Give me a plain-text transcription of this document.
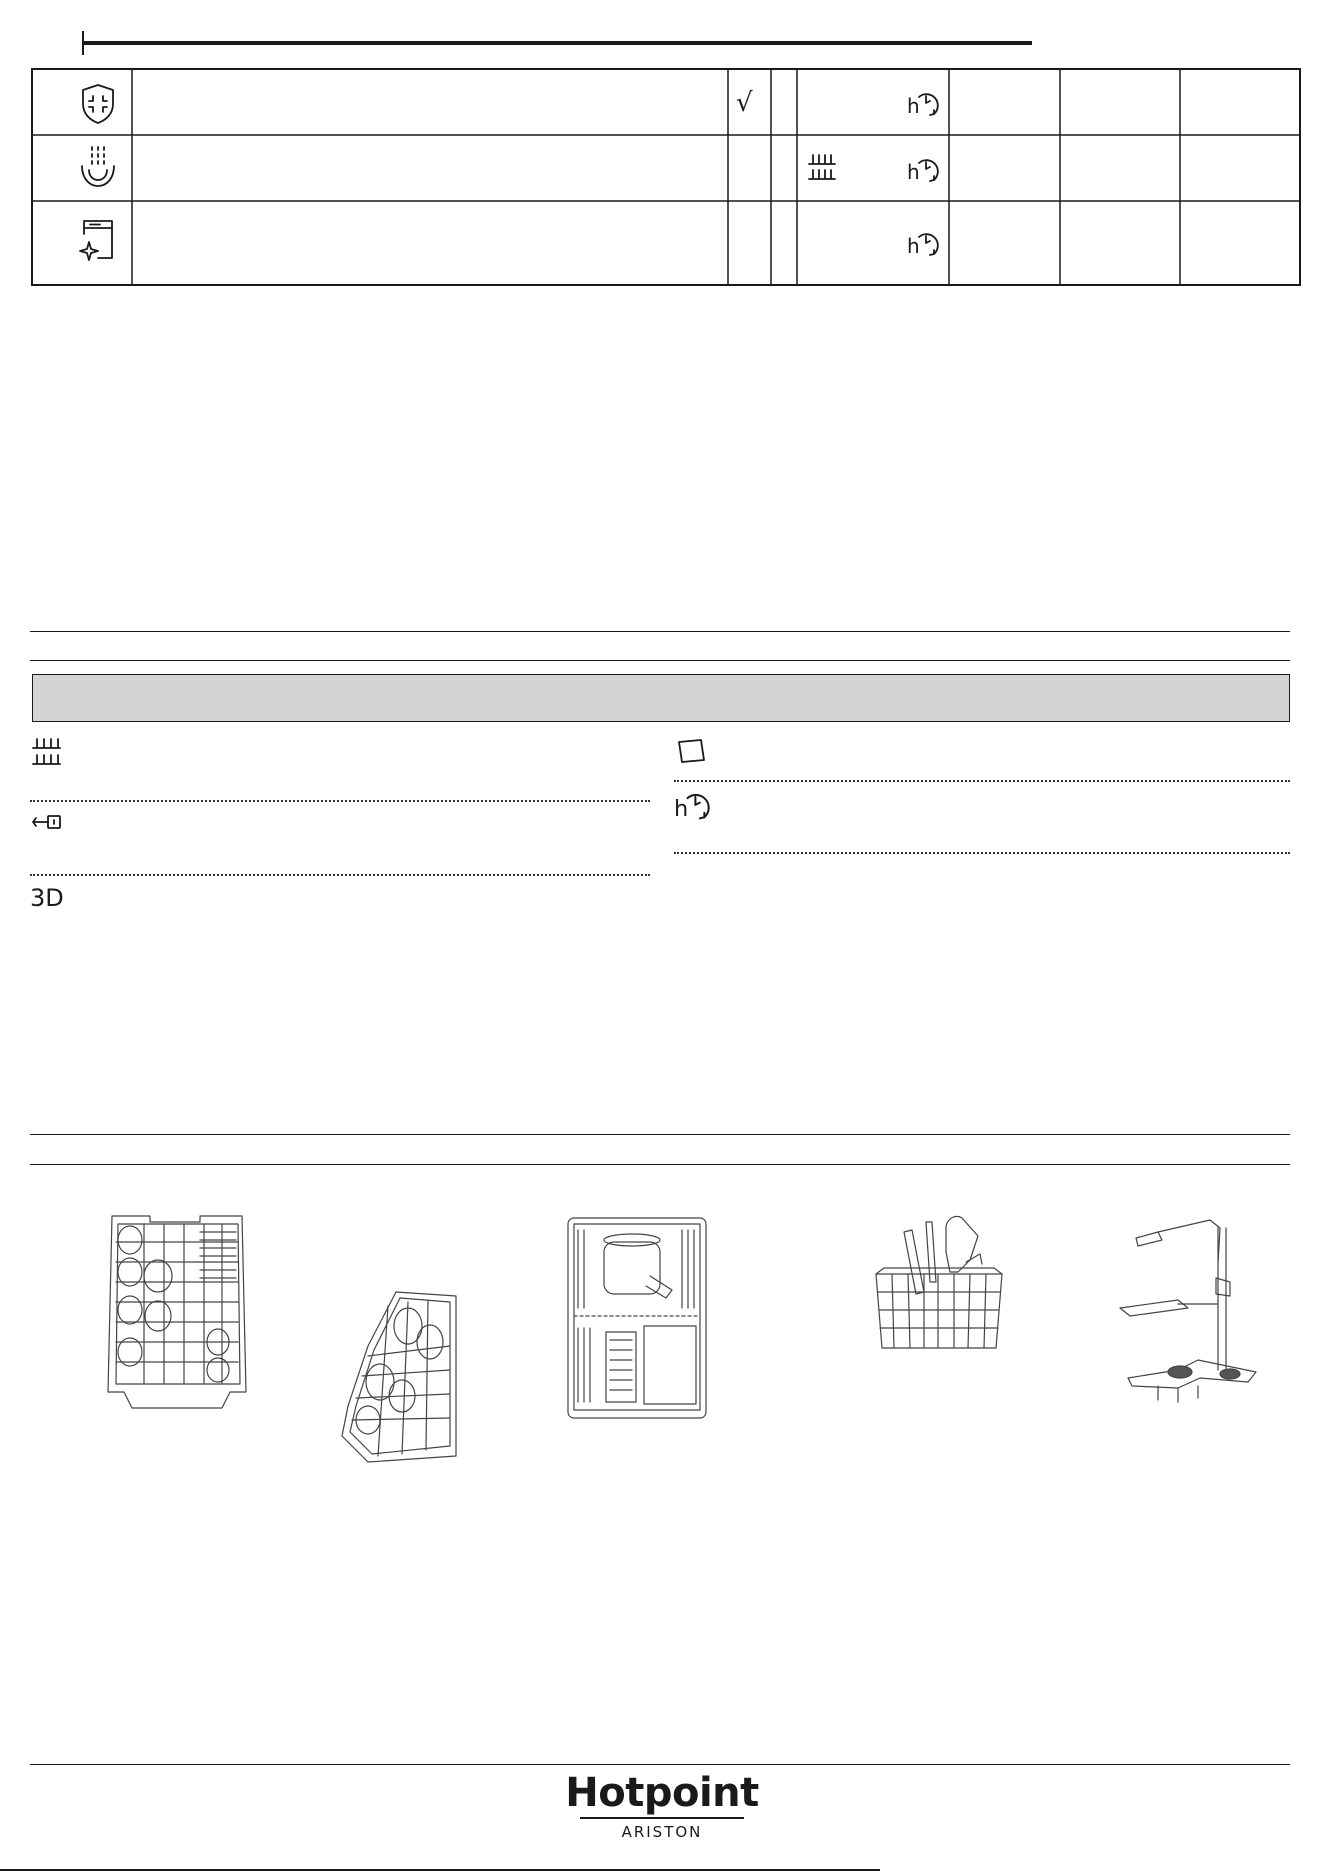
√	h
h
h
3D
h
Hotpoint
ARISTON
